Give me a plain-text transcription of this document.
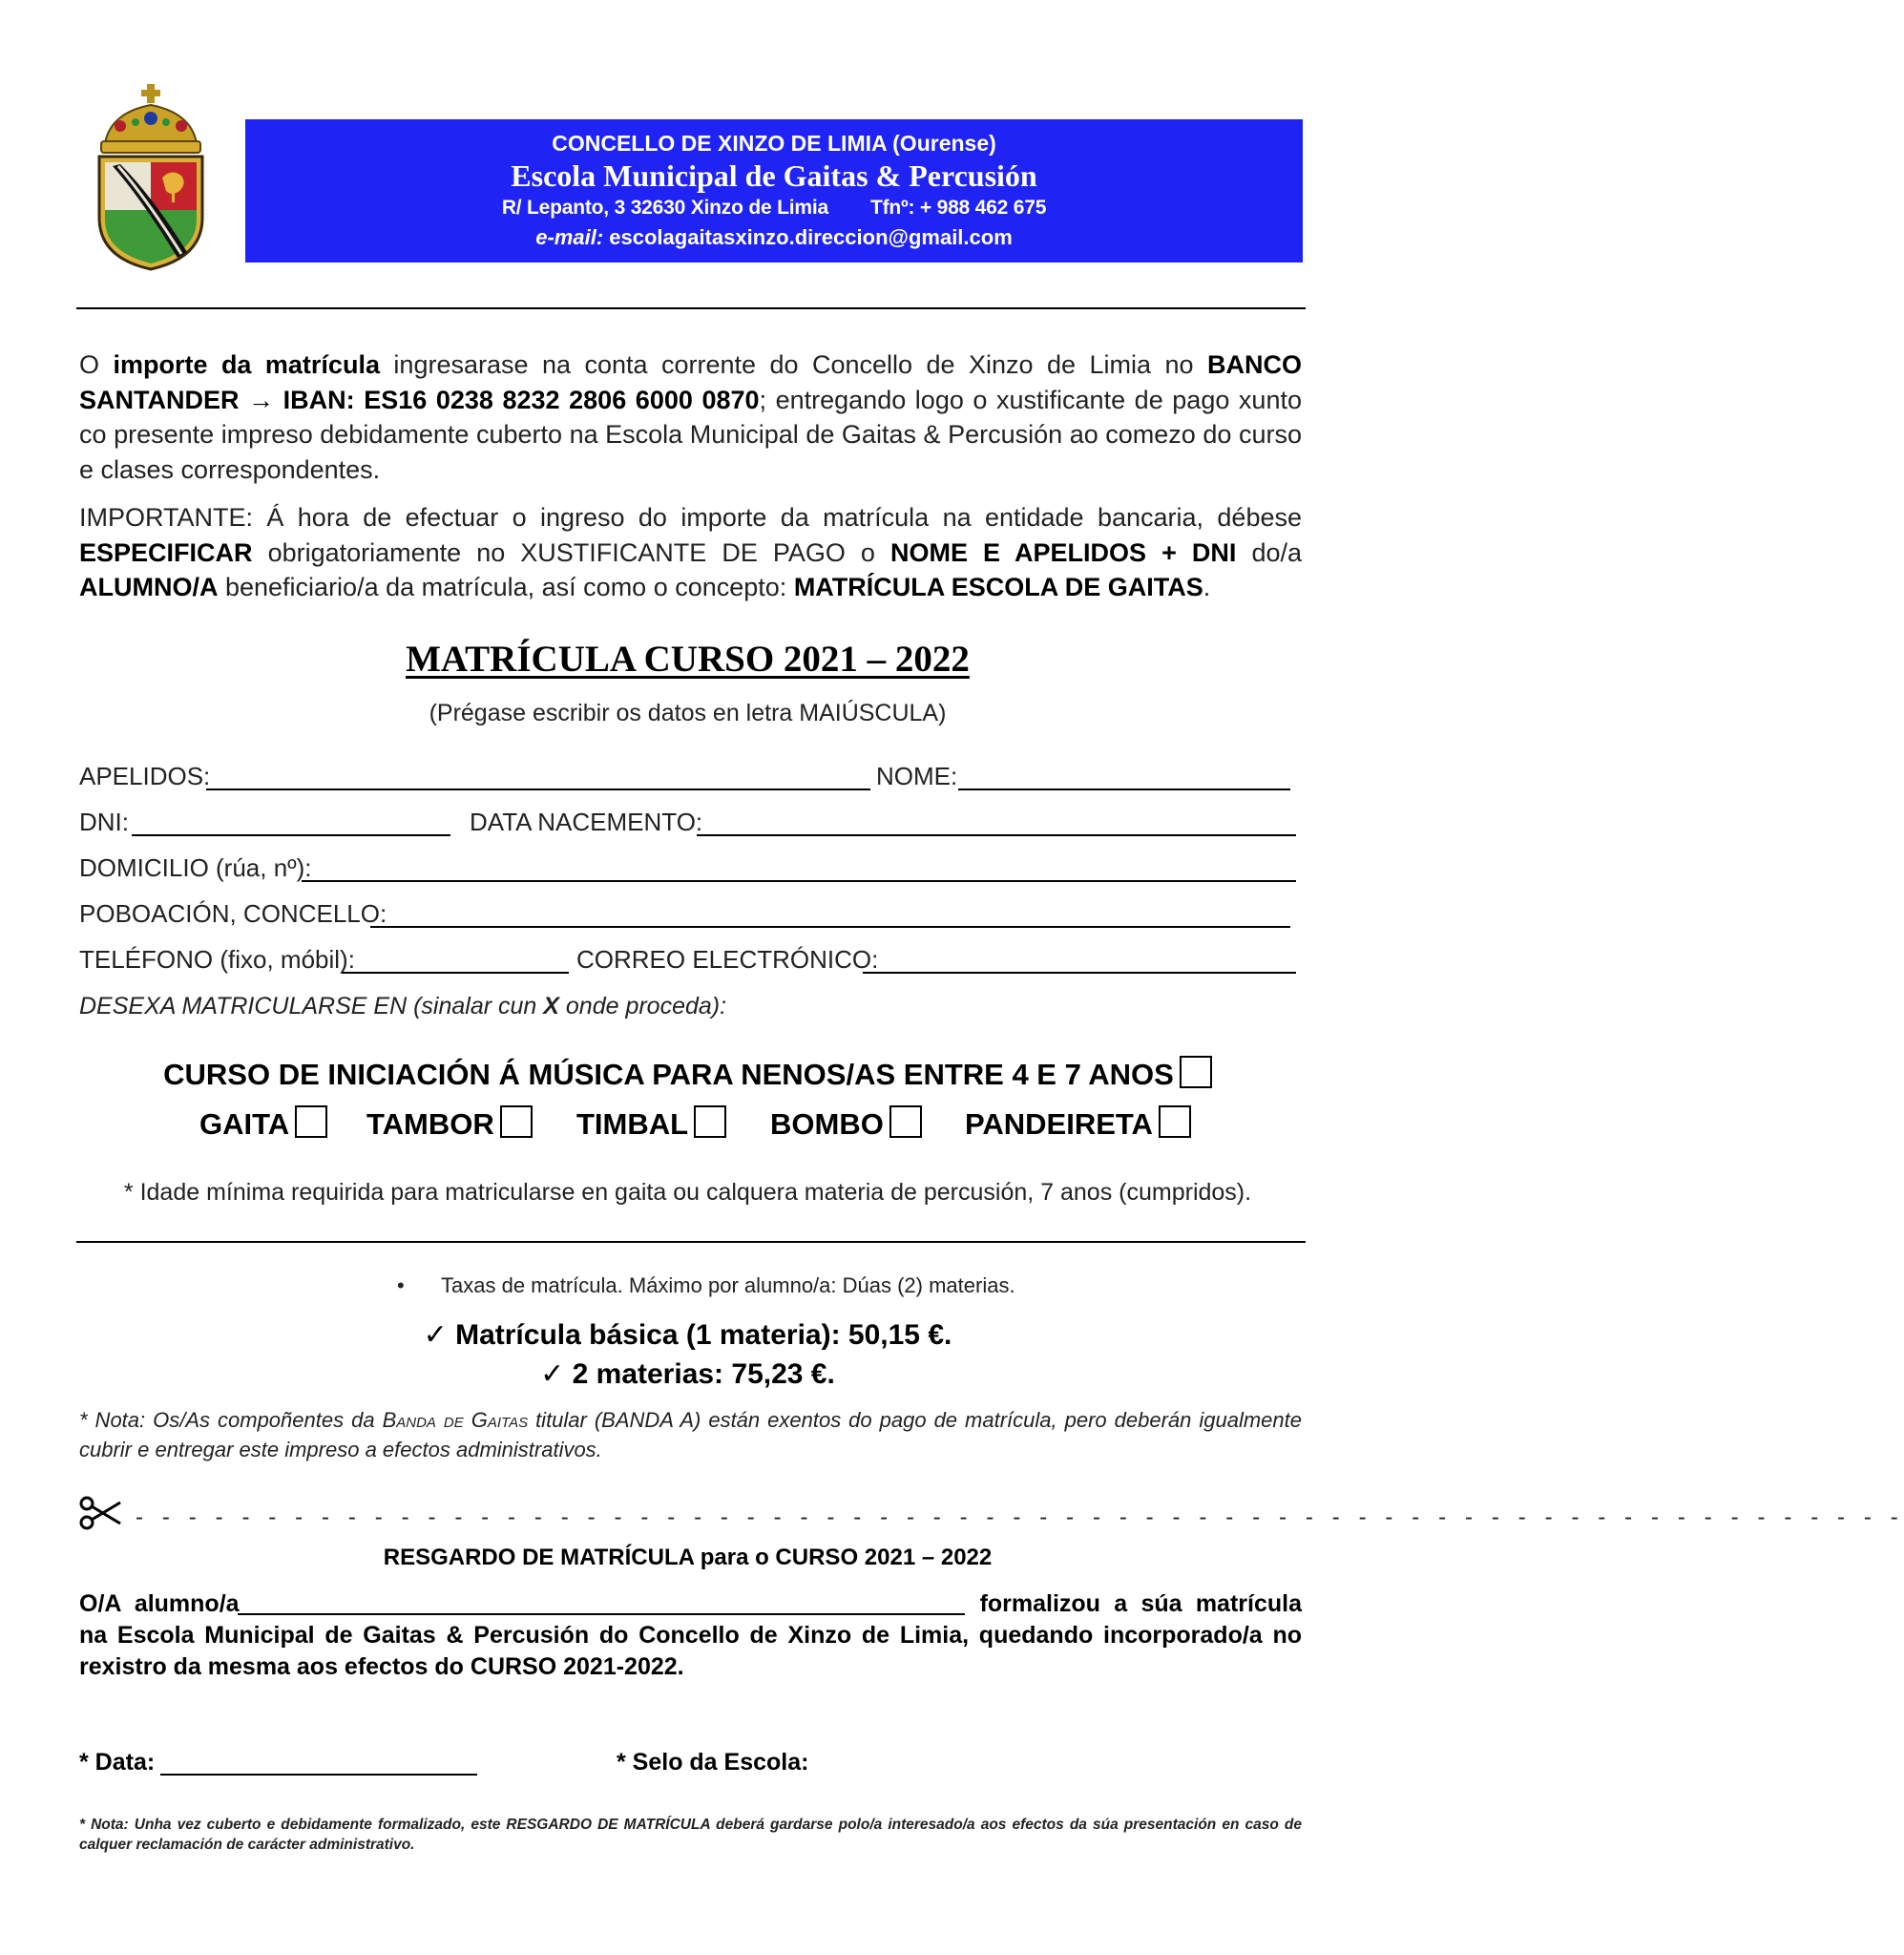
CONCELLO DE XINZO DE LIMIA (Ourense)
Escola Municipal de Gaitas & Percusión
R/ Lepanto, 3 32630 Xinzo de Limia Tfnº: + 988 462 675
e-mail: escolagaitasxinzo.direccion@gmail.com
O importe da matrícula ingresarase na conta corrente do Concello de Xinzo de Limia no BANCO SANTANDER → IBAN: ES16 0238 8232 2806 6000 0870; entregando logo o xustificante de pago xunto co presente impreso debidamente cuberto na Escola Municipal de Gaitas & Percusión ao comezo do curso e clases correspondentes.
IMPORTANTE: Á hora de efectuar o ingreso do importe da matrícula na entidade bancaria, débese ESPECIFICAR obrigatoriamente no XUSTIFICANTE DE PAGO o NOME E APELIDOS + DNI do/a ALUMNO/A beneficiario/a da matrícula, así como o concepto: MATRÍCULA ESCOLA DE GAITAS.
MATRÍCULA CURSO 2021 – 2022
(Prégase escribir os datos en letra MAIÚSCULA)
APELIDOS:	NOME:
DNI:	DATA NACEMENTO:
DOMICILIO (rúa, nº):
POBOACIÓN, CONCELLO:
TELÉFONO (fixo, móbil):	CORREO ELECTRÓNICO:
DESEXA MATRICULARSE EN (sinalar cun X onde proceda):
CURSO DE INICIACIÓN Á MÚSICA PARA NENOS/AS ENTRE 4 E 7 ANOS
GAITA	TAMBOR	TIMBAL	BOMBO	PANDEIRETA
* Idade mínima requirida para matricularse en gaita ou calquera materia de percusión, 7 anos (cumpridos).
• Taxas de matrícula. Máximo por alumno/a: Dúas (2) materias.
✓ Matrícula básica (1 materia): 50,15 €.
✓ 2 materias: 75,23 €.
* Nota: Os/As compoñentes da Banda de Gaitas titular (BANDA A) están exentos do pago de matrícula, pero deberán igualmente cubrir e entregar este impreso a efectos administrativos.
- - - - - - - - - - - - - - - - - - - - - - - - - - - - - - - - - - - - - - - - - - - - - - - - - - - - - - - - - - - - - - - - - - -
RESGARDO DE MATRÍCULA para o CURSO 2021 – 2022
O/A alumno/a	formalizou a súa matrícula na Escola Municipal de Gaitas & Percusión do Concello de Xinzo de Limia, quedando incorporado/a no rexistro da mesma aos efectos do CURSO 2021-2022.
* Data:	* Selo da Escola:
* Nota: Unha vez cuberto e debidamente formalizado, este RESGARDO DE MATRÍCULA deberá gardarse polo/a interesado/a aos efectos da súa presentación en caso de calquer reclamación de carácter administrativo.
